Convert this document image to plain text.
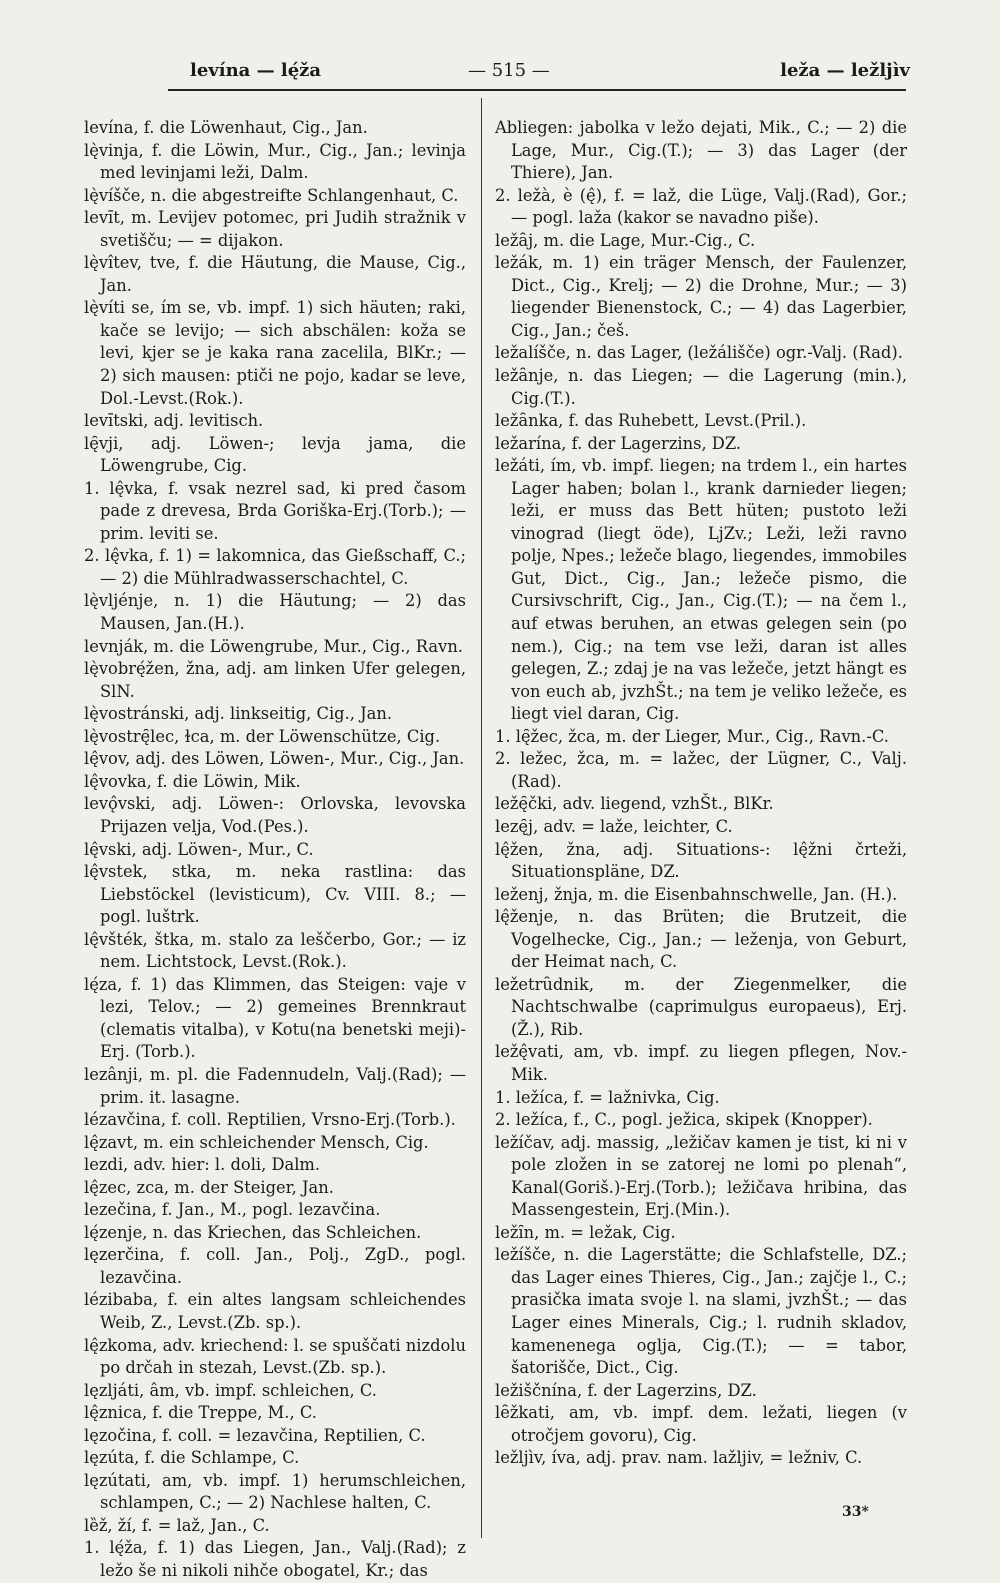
levína — lę́ža	— 515 —	leža — ležljìv

levína, f. die Löwenhaut, Cig., Jan.

lę̀vinja, f. die Löwin, Mur., Cig., Jan.; levinja med levinjami leži, Dalm.

lę̀vı́šče, n. die abgestreifte Schlangenhaut, C.

levı̄t, m. Levijev potomec, pri Judih stražnik v svetišču; — = dijakon.

lę̀vı̂tev, tve, f. die Häutung, die Mause, Cig., Jan.

lę̀víti se, ím se, vb. impf. 1) sich häuten; raki, kače se levijo; — sich abschälen: koža se levi, kjer se je kaka rana zacelila, BlKr.; — 2) sich mausen: ptiči ne pojo, kadar se leve, Dol.-Levst.(Rok.).

levı̄tski, adj. levitisch.

lę̑vji, adj. Löwen-; levja jama, die Löwengrube, Cig.

1. lę̂vka, f. vsak nezrel sad, ki pred časom pade z drevesa, Brda Goriška-Erj.(Torb.); — prim. leviti se.

2. lę̂vka, f. 1) = lakomnica, das Gießschaff, C.; — 2) die Mühlradwasserschachtel, C.

lę̀vljénje, n. 1) die Häutung; — 2) das Mausen, Jan.(H.).

levnják, m. die Löwengrube, Mur., Cig., Ravn.

lę̀vobrę́žen, žna, adj. am linken Ufer gelegen, SlN.

lę̀vostránski, adj. linkseitig, Cig., Jan.

lę̀vostrę̑lec, ɫca, m. der Löwenschütze, Cig.

lę̂vov, adj. des Löwen, Löwen-, Mur., Cig., Jan.

lę̂vovka, f. die Löwin, Mik.

levǫ̂vski, adj. Löwen-: Orlovska, levovska Prijazen velja, Vod.(Pes.).

lę̂vski, adj. Löwen-, Mur., C.

lę̂vstek, stka, m. neka rastlina: das Liebstöckel (levisticum), Cv. VIII. 8.; — pogl. luštrk.

lę̂všték, štka, m. stalo za leščerbo, Gor.; — iz nem. Lichtstock, Levst.(Rok.).

lę́za, f. 1) das Klimmen, das Steigen: vaje v lezi, Telov.; — 2) gemeines Brennkraut (clematis vitalba), v Kotu(na benetski meji)-Erj. (Torb.).

lezânji, m. pl. die Fadennudeln, Valj.(Rad); — prim. it. lasagne.

lézavčina, f. coll. Reptilien, Vrsno-Erj.(Torb.).

lę̂zavt, m. ein schleichender Mensch, Cig.

lezdi, adv. hier: l. doli, Dalm.

lę̂zec, zca, m. der Steiger, Jan.

lezečina, f. Jan., M., pogl. lezavčina.

lę́zenje, n. das Kriechen, das Schleichen.

lęzerčina, f. coll. Jan., Polj., ZgD., pogl. lezavčina.

lézibaba, f. ein altes langsam schleichendes Weib, Z., Levst.(Zb. sp.).

lę̂zkoma, adv. kriechend: l. se spuščati nizdolu po drčah in stezah, Levst.(Zb. sp.).

lęzljáti, âm, vb. impf. schleichen, C.

lę̂znica, f. die Treppe, M., C.

lęzočina, f. coll. = lezavčina, Reptilien, C.

lęzúta, f. die Schlampe, C.

lęzútati, am, vb. impf. 1) herumschleichen, schlampen, C.; — 2) Nachlese halten, C.

lȅž, ží, f. = laž, Jan., C.

1. lę́ža, f. 1) das Liegen, Jan., Valj.(Rad); z ležo še ni nikoli nihče obogatel, Kr.; das

Abliegen: jabolka v ležo dejati, Mik., C.; — 2) die Lage, Mur., Cig.(T.); — 3) das Lager (der Thiere), Jan.

2. ležà, è (ę̂), f. = laž, die Lüge, Valj.(Rad), Gor.; — pogl. laža (kakor se navadno piše).

ležȃj, m. die Lage, Mur.-Cig., C.

ležák, m. 1) ein träger Mensch, der Faulenzer, Dict., Cig., Krelj; — 2) die Drohne, Mur.; — 3) liegender Bienenstock, C.; — 4) das Lagerbier, Cig., Jan.; češ.

ležalíšče, n. das Lager, (ležálišče) ogr.-Valj. (Rad).

ležȃnje, n. das Liegen; — die Lagerung (min.), Cig.(T.).

ležȃnka, f. das Ruhebett, Levst.(Pril.).

ležarína, f. der Lagerzins, DZ.

ležáti, ím, vb. impf. liegen; na trdem l., ein hartes Lager haben; bolan l., krank darnieder liegen; leži, er muss das Bett hüten; pustoto leži vinograd (liegt öde), LjZv.; Leži, leži ravno polje, Npes.; ležeče blago, liegendes, immobiles Gut, Dict., Cig., Jan.; ležeče pismo, die Cursivschrift, Cig., Jan., Cig.(T.); — na čem l., auf etwas beruhen, an etwas gelegen sein (po nem.), Cig.; na tem vse leži, daran ist alles gelegen, Z.; zdaj je na vas ležeče, jetzt hängt es von euch ab, jvzhŠt.; na tem je veliko ležeče, es liegt viel daran, Cig.

1. lę̑žec, žca, m. der Lieger, Mur., Cig., Ravn.-C.

2. ležec, žca, m. = lažec, der Lügner, C., Valj.(Rad).

ležę̑čki, adv. liegend, vzhŠt., BlKr.

lezę̑j, adv. = laže, leichter, C.

lę̂žen, žna, adj. Situations-: lę̂žni črteži, Situationspläne, DZ.

leženj, žnja, m. die Eisenbahnschwelle, Jan. (H.).

lę̂ženje, n. das Brüten; die Brutzeit, die Vogelhecke, Cig., Jan.; — leženja, von Geburt, der Heimat nach, C.

ležetrȗdnik, m. der Ziegenmelker, die Nachtschwalbe (caprimulgus europaeus), Erj.(Ž.), Rib.

ležę̂vati, am, vb. impf. zu liegen pflegen, Nov.-Mik.

1. ležíca, f. = lažnivka, Cig.

2. ležíca, f., C., pogl. ježica, skipek (Knopper).

ležíčav, adj. massig, „ležičav kamen je tist, ki ni v pole zložen in se zatorej ne lomi po plenah“, Kanal(Goriš.)-Erj.(Torb.); ležičava hribina, das Massengestein, Erj.(Min.).

ležı̑n, m. = ležak, Cig.

ležíšče, n. die Lagerstätte; die Schlafstelle, DZ.; das Lager eines Thieres, Cig., Jan.; zajčje l., C.; prasička imata svoje l. na slami, jvzhŠt.; — das Lager eines Minerals, Cig.; l. rudnih skladov, kamenenega oglja, Cig.(T.); — = tabor, šatorišče, Dict., Cig.

ležiščnína, f. der Lagerzins, DZ.

lȇžkati, am, vb. impf. dem. ležati, liegen (v otročjem govoru), Cig.

ležljìv, íva, adj. prav. nam. lažljiv, = ležniv, C.

33*
